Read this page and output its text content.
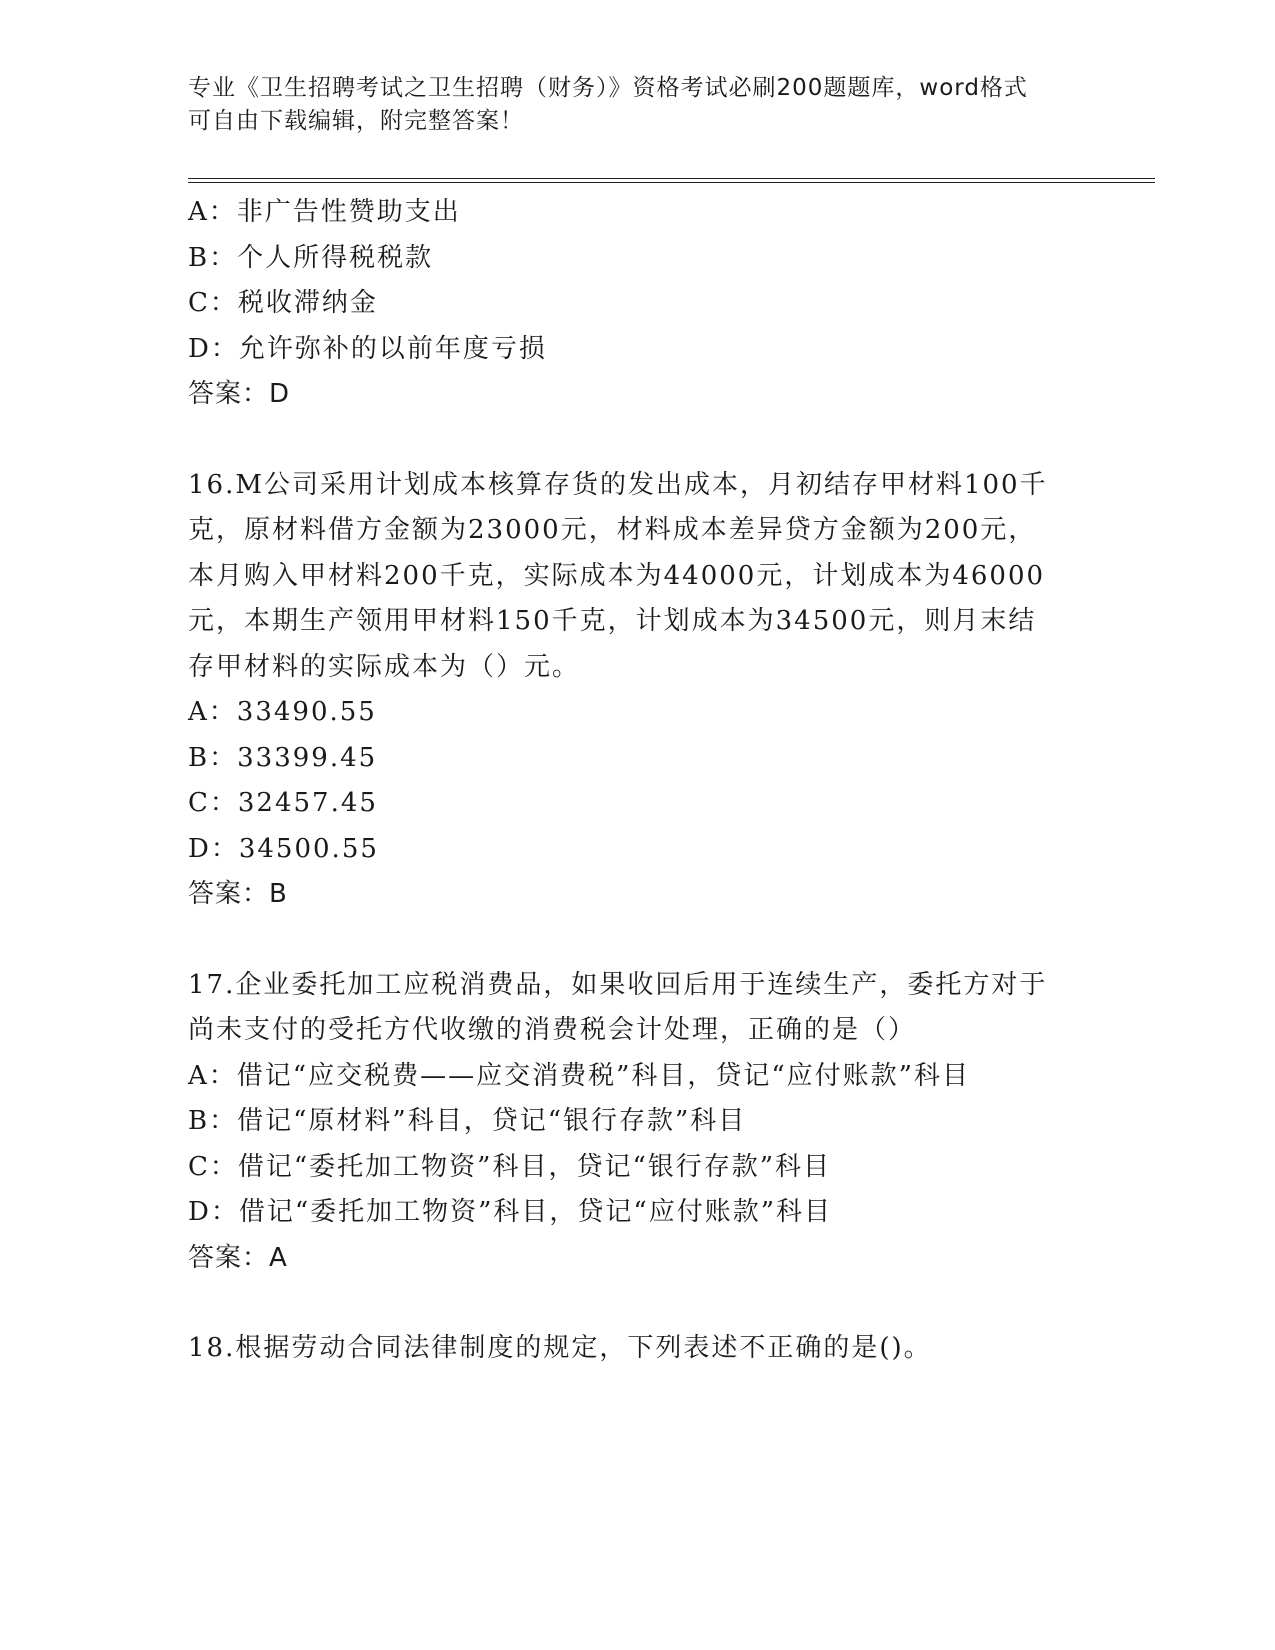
专业《卫生招聘考试之卫生招聘（财务）》资格考试必刷200题题库，word格式
可自由下载编辑，附完整答案！
A：非广告性赞助支出
B：个人所得税税款
C：税收滞纳金
D：允许弥补的以前年度亏损
答案：D
16.M公司采用计划成本核算存货的发出成本，月初结存甲材料100千
克，原材料借方金额为23000元，材料成本差异贷方金额为200元，
本月购入甲材料200千克，实际成本为44000元，计划成本为46000
元，本期生产领用甲材料150千克，计划成本为34500元，则月末结
存甲材料的实际成本为（）元。
A：33490.55
B：33399.45
C：32457.45
D：34500.55
答案：B
17.企业委托加工应税消费品，如果收回后用于连续生产，委托方对于
尚未支付的受托方代收缴的消费税会计处理，正确的是（）
A：借记“应交税费——应交消费税”科目，贷记“应付账款”科目
B：借记“原材料”科目，贷记“银行存款”科目
C：借记“委托加工物资”科目，贷记“银行存款”科目
D：借记“委托加工物资”科目，贷记“应付账款”科目
答案：A
18.根据劳动合同法律制度的规定，下列表述不正确的是()。
